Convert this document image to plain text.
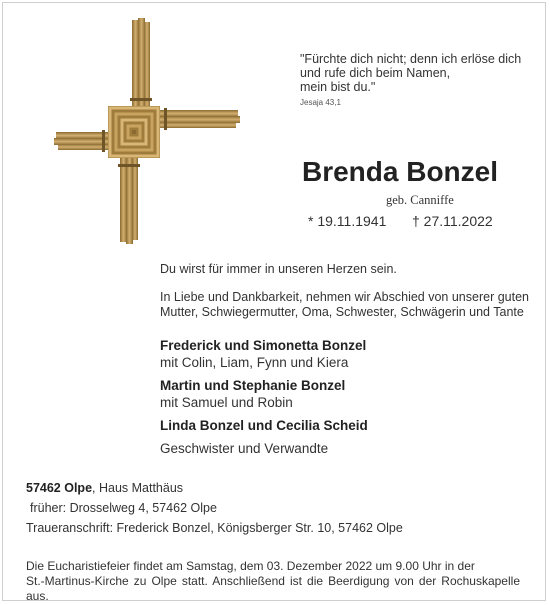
"Fürchte dich nicht; denn ich erlöse dich
und rufe dich beim Namen,
mein bist du."
Jesaja 43,1
Brenda Bonzel
geb. Canniffe
* 19.11.1941 † 27.11.2022
Du wirst für immer in unseren Herzen sein.
In Liebe und Dankbarkeit, nehmen wir Abschied von unserer guten
Mutter, Schwiegermutter, Oma, Schwester, Schwägerin und Tante
Frederick und Simonetta Bonzel
mit Colin, Liam, Fynn und Kiera
Martin und Stephanie Bonzel
mit Samuel und Robin
Linda Bonzel und Cecilia Scheid
Geschwister und Verwandte
57462 Olpe, Haus Matthäus
früher: Drosselweg 4, 57462 Olpe
Traueranschrift: Frederick Bonzel, Königsberger Str. 10, 57462 Olpe
Die Eucharistiefeier findet am Samstag, dem 03. Dezember 2022 um 9.00 Uhr in der
St.-Martinus-Kirche zu Olpe statt. Anschließend ist die Beerdigung von der Rochuskapelle aus.
